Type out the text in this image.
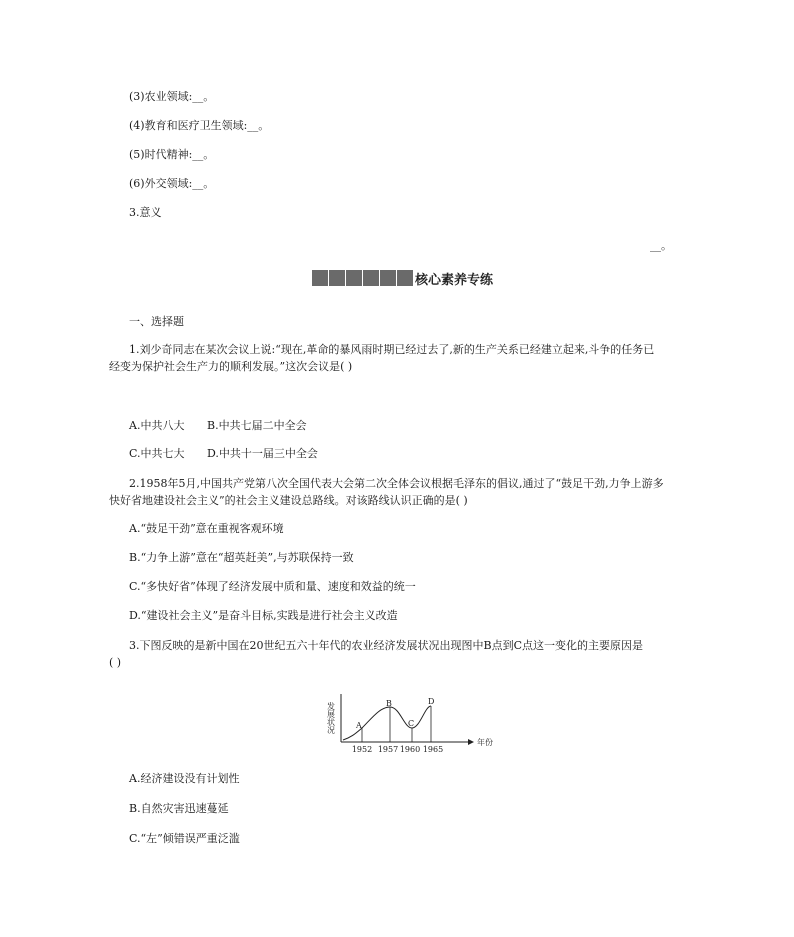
(3)农业领域:__。
(4)教育和医疗卫生领域:__。
(5)时代精神:__。
(6)外交领域:__。
3.意义
__。
核心素养专练
一、选择题
1.刘少奇同志在某次会议上说:“现在,革命的暴风雨时期已经过去了,新的生产关系已经建立起来,斗争的任务已
经变为保护社会生产力的顺利发展。”这次会议是( )
A.中共八大 B.中共七届二中全会
C.中共七大 D.中共十一届三中全会
2.1958年5月,中国共产党第八次全国代表大会第二次全体会议根据毛泽东的倡议,通过了“鼓足干劲,力争上游多
快好省地建设社会主义”的社会主义建设总路线。对该路线认识正确的是( )
A.“鼓足干劲”意在重视客观环境
B.“力争上游”意在“超英赶美”,与苏联保持一致
C.“多快好省”体现了经济发展中质和量、速度和效益的统一
D.“建设社会主义”是奋斗目标,实践是进行社会主义改造
3.下图反映的是新中国在20世纪五六十年代的农业经济发展状况出现图中B点到C点这一变化的主要原因是
( )
发展状况
年份
A
B
C
D
1952 1957 1960 1965
A.经济建设没有计划性
B.自然灾害迅速蔓延
C.“左”倾错误严重泛滥
